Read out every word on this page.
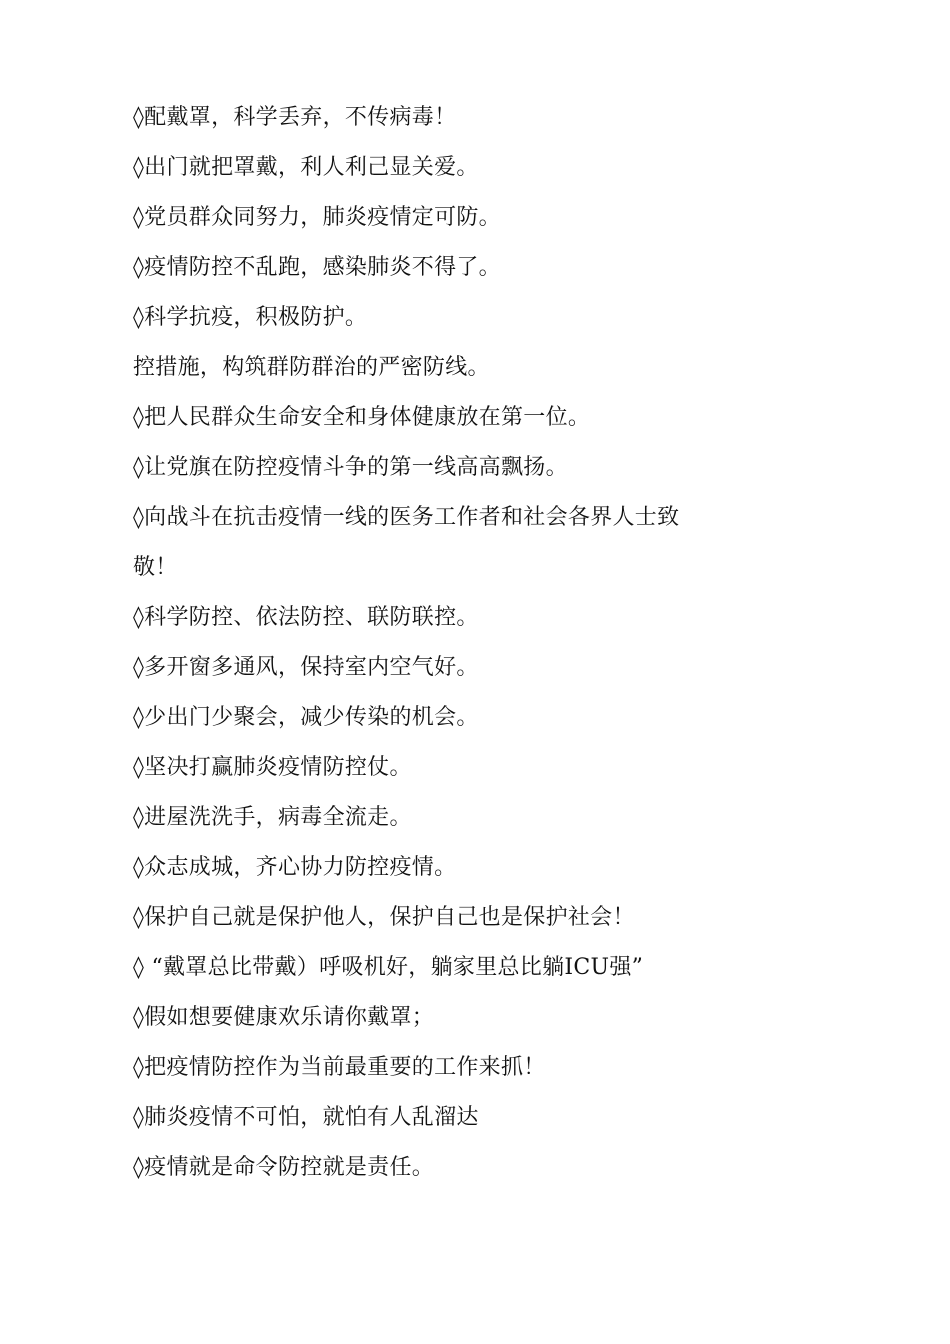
◊配戴罩，科学丢弃，不传病毒！
◊出门就把罩戴，利人利己显关爱。
◊党员群众同努力，肺炎疫情定可防。
◊疫情防控不乱跑，感染肺炎不得了。
◊科学抗疫，积极防护。
控措施，构筑群防群治的严密防线。
◊把人民群众生命安全和身体健康放在第一位。
◊让党旗在防控疫情斗争的第一线高高飘扬。
◊向战斗在抗击疫情一线的医务工作者和社会各界人士致
敬！
◊科学防控、依法防控、联防联控。
◊多开窗多通风，保持室内空气好。
◊少出门少聚会，减少传染的机会。
◊坚决打赢肺炎疫情防控仗。
◊进屋洗洗手，病毒全流走。
◊众志成城，齐心协力防控疫情。
◊保护自己就是保护他人，保护自己也是保护社会！
◊ “戴罩总比带戴）呼吸机好，躺家里总比躺ICU强”
◊假如想要健康欢乐请你戴罩；
◊把疫情防控作为当前最重要的工作来抓！
◊肺炎疫情不可怕，就怕有人乱溜达
◊疫情就是命令防控就是责任。
